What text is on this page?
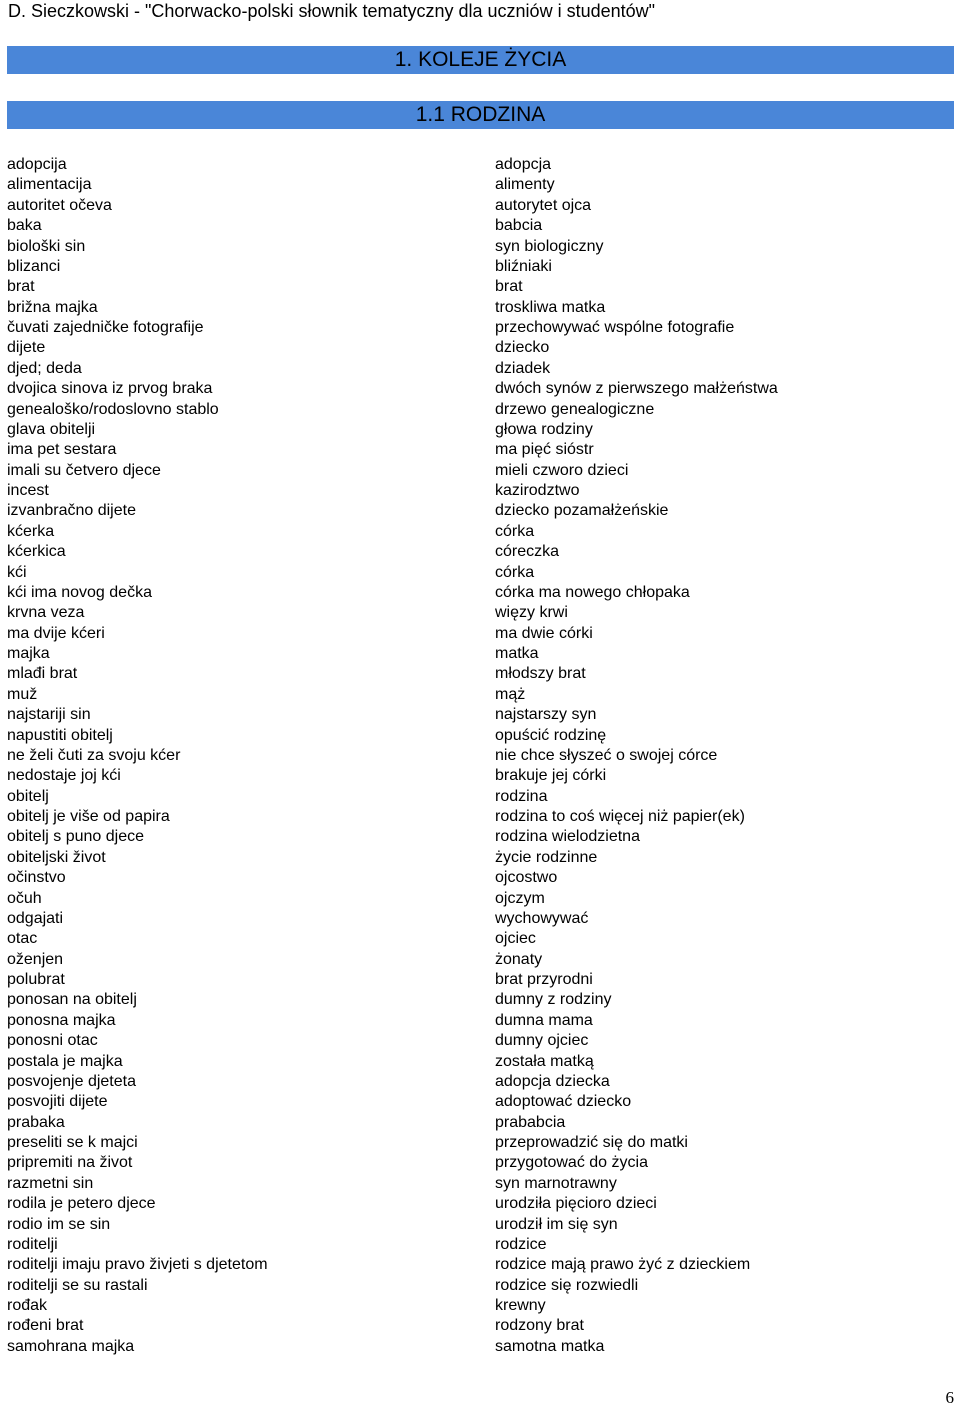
D. Sieczkowski - "Chorwacko-polski słownik tematyczny dla uczniów i studentów"
1. KOLEJE ŻYCIA
1.1 RODZINA
adopcija	adopcja
alimentacija	alimenty
autoritet očeva	autorytet ojca
baka	babcia
biološki sin	syn biologiczny
blizanci	bliźniaki
brat	brat
brižna majka	troskliwa matka
čuvati zajedničke fotografije	przechowywać wspólne fotografie
dijete	dziecko
djed; deda	dziadek
dvojica sinova iz prvog braka	dwóch synów z pierwszego małżeństwa
genealoško/rodoslovno stablo	drzewo genealogiczne
glava obitelji	głowa rodziny
ima pet sestara	ma pięć sióstr
imali su četvero djece	mieli czworo dzieci
incest	kazirodztwo
izvanbračno dijete	dziecko pozamałżeńskie
kćerka	córka
kćerkica	córeczka
kći	córka
kći ima novog dečka	córka ma nowego chłopaka
krvna veza	więzy krwi
ma dvije kćeri	ma dwie córki
majka	matka
mlađi brat	młodszy brat
muž	mąż
najstariji sin	najstarszy syn
napustiti obitelj	opuścić rodzinę
ne želi čuti za svoju kćer	nie chce słyszeć o swojej córce
nedostaje joj kći	brakuje jej córki
obitelj	rodzina
obitelj je više od papira	rodzina to coś więcej niż papier(ek)
obitelj s puno djece	rodzina wielodzietna
obiteljski život	życie rodzinne
očinstvo	ojcostwo
očuh	ojczym
odgajati	wychowywać
otac	ojciec
oženjen	żonaty
polubrat	brat przyrodni
ponosan na obitelj	dumny z rodziny
ponosna majka	dumna mama
ponosni otac	dumny ojciec
postala je majka	została matką
posvojenje djeteta	adopcja dziecka
posvojiti dijete	adoptować dziecko
prabaka	prababcia
preseliti se k majci	przeprowadzić się do matki
pripremiti na život	przygotować do życia
razmetni sin	syn marnotrawny
rodila je petero djece	urodziła pięcioro dzieci
rodio im se sin	urodził im się syn
roditelji	rodzice
roditelji imaju pravo živjeti s djetetom	rodzice mają prawo żyć z dzieckiem
roditelji se su rastali	rodzice się rozwiedli
rođak	krewny
rođeni brat	rodzony brat
samohrana majka	samotna matka
6
